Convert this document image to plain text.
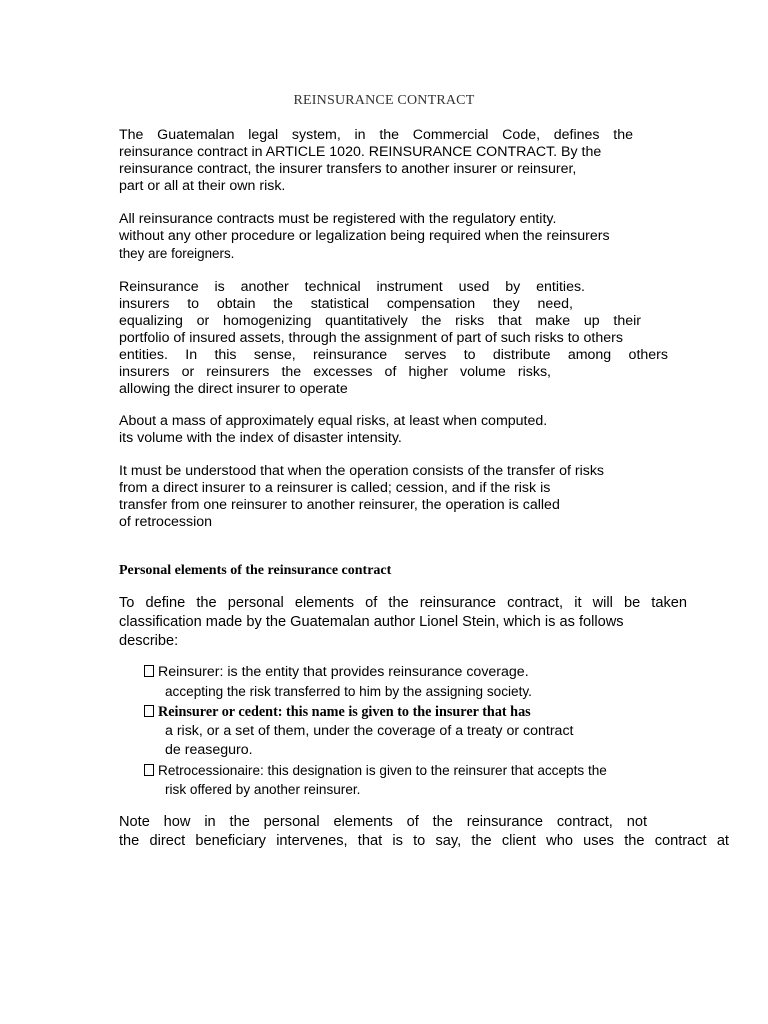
REINSURANCE CONTRACT
The Guatemalan legal system, in the Commercial Code, defines the
reinsurance contract in ARTICLE 1020. REINSURANCE CONTRACT. By the
reinsurance contract, the insurer transfers to another insurer or reinsurer,
part or all at their own risk.
All reinsurance contracts must be registered with the regulatory entity.
without any other procedure or legalization being required when the reinsurers
they are foreigners.
Reinsurance is another technical instrument used by entities.
insurers to obtain the statistical compensation they need,
equalizing or homogenizing quantitatively the risks that make up their
portfolio of insured assets, through the assignment of part of such risks to others
entities. In this sense, reinsurance serves to distribute among others
insurers or reinsurers the excesses of higher volume risks,
allowing the direct insurer to operate
About a mass of approximately equal risks, at least when computed.
its volume with the index of disaster intensity.
It must be understood that when the operation consists of the transfer of risks
from a direct insurer to a reinsurer is called; cession, and if the risk is
transfer from one reinsurer to another reinsurer, the operation is called
of retrocession
Personal elements of the reinsurance contract
To define the personal elements of the reinsurance contract, it will be taken
classification made by the Guatemalan author Lionel Stein, which is as follows
describe:
Reinsurer: is the entity that provides reinsurance coverage.
accepting the risk transferred to him by the assigning society.
Reinsurer or cedent: this name is given to the insurer that has
a risk, or a set of them, under the coverage of a treaty or contract
de reaseguro.
Retrocessionaire: this designation is given to the reinsurer that accepts the
risk offered by another reinsurer.
Note how in the personal elements of the reinsurance contract, not
the direct beneficiary intervenes, that is to say, the client who uses the contract at
